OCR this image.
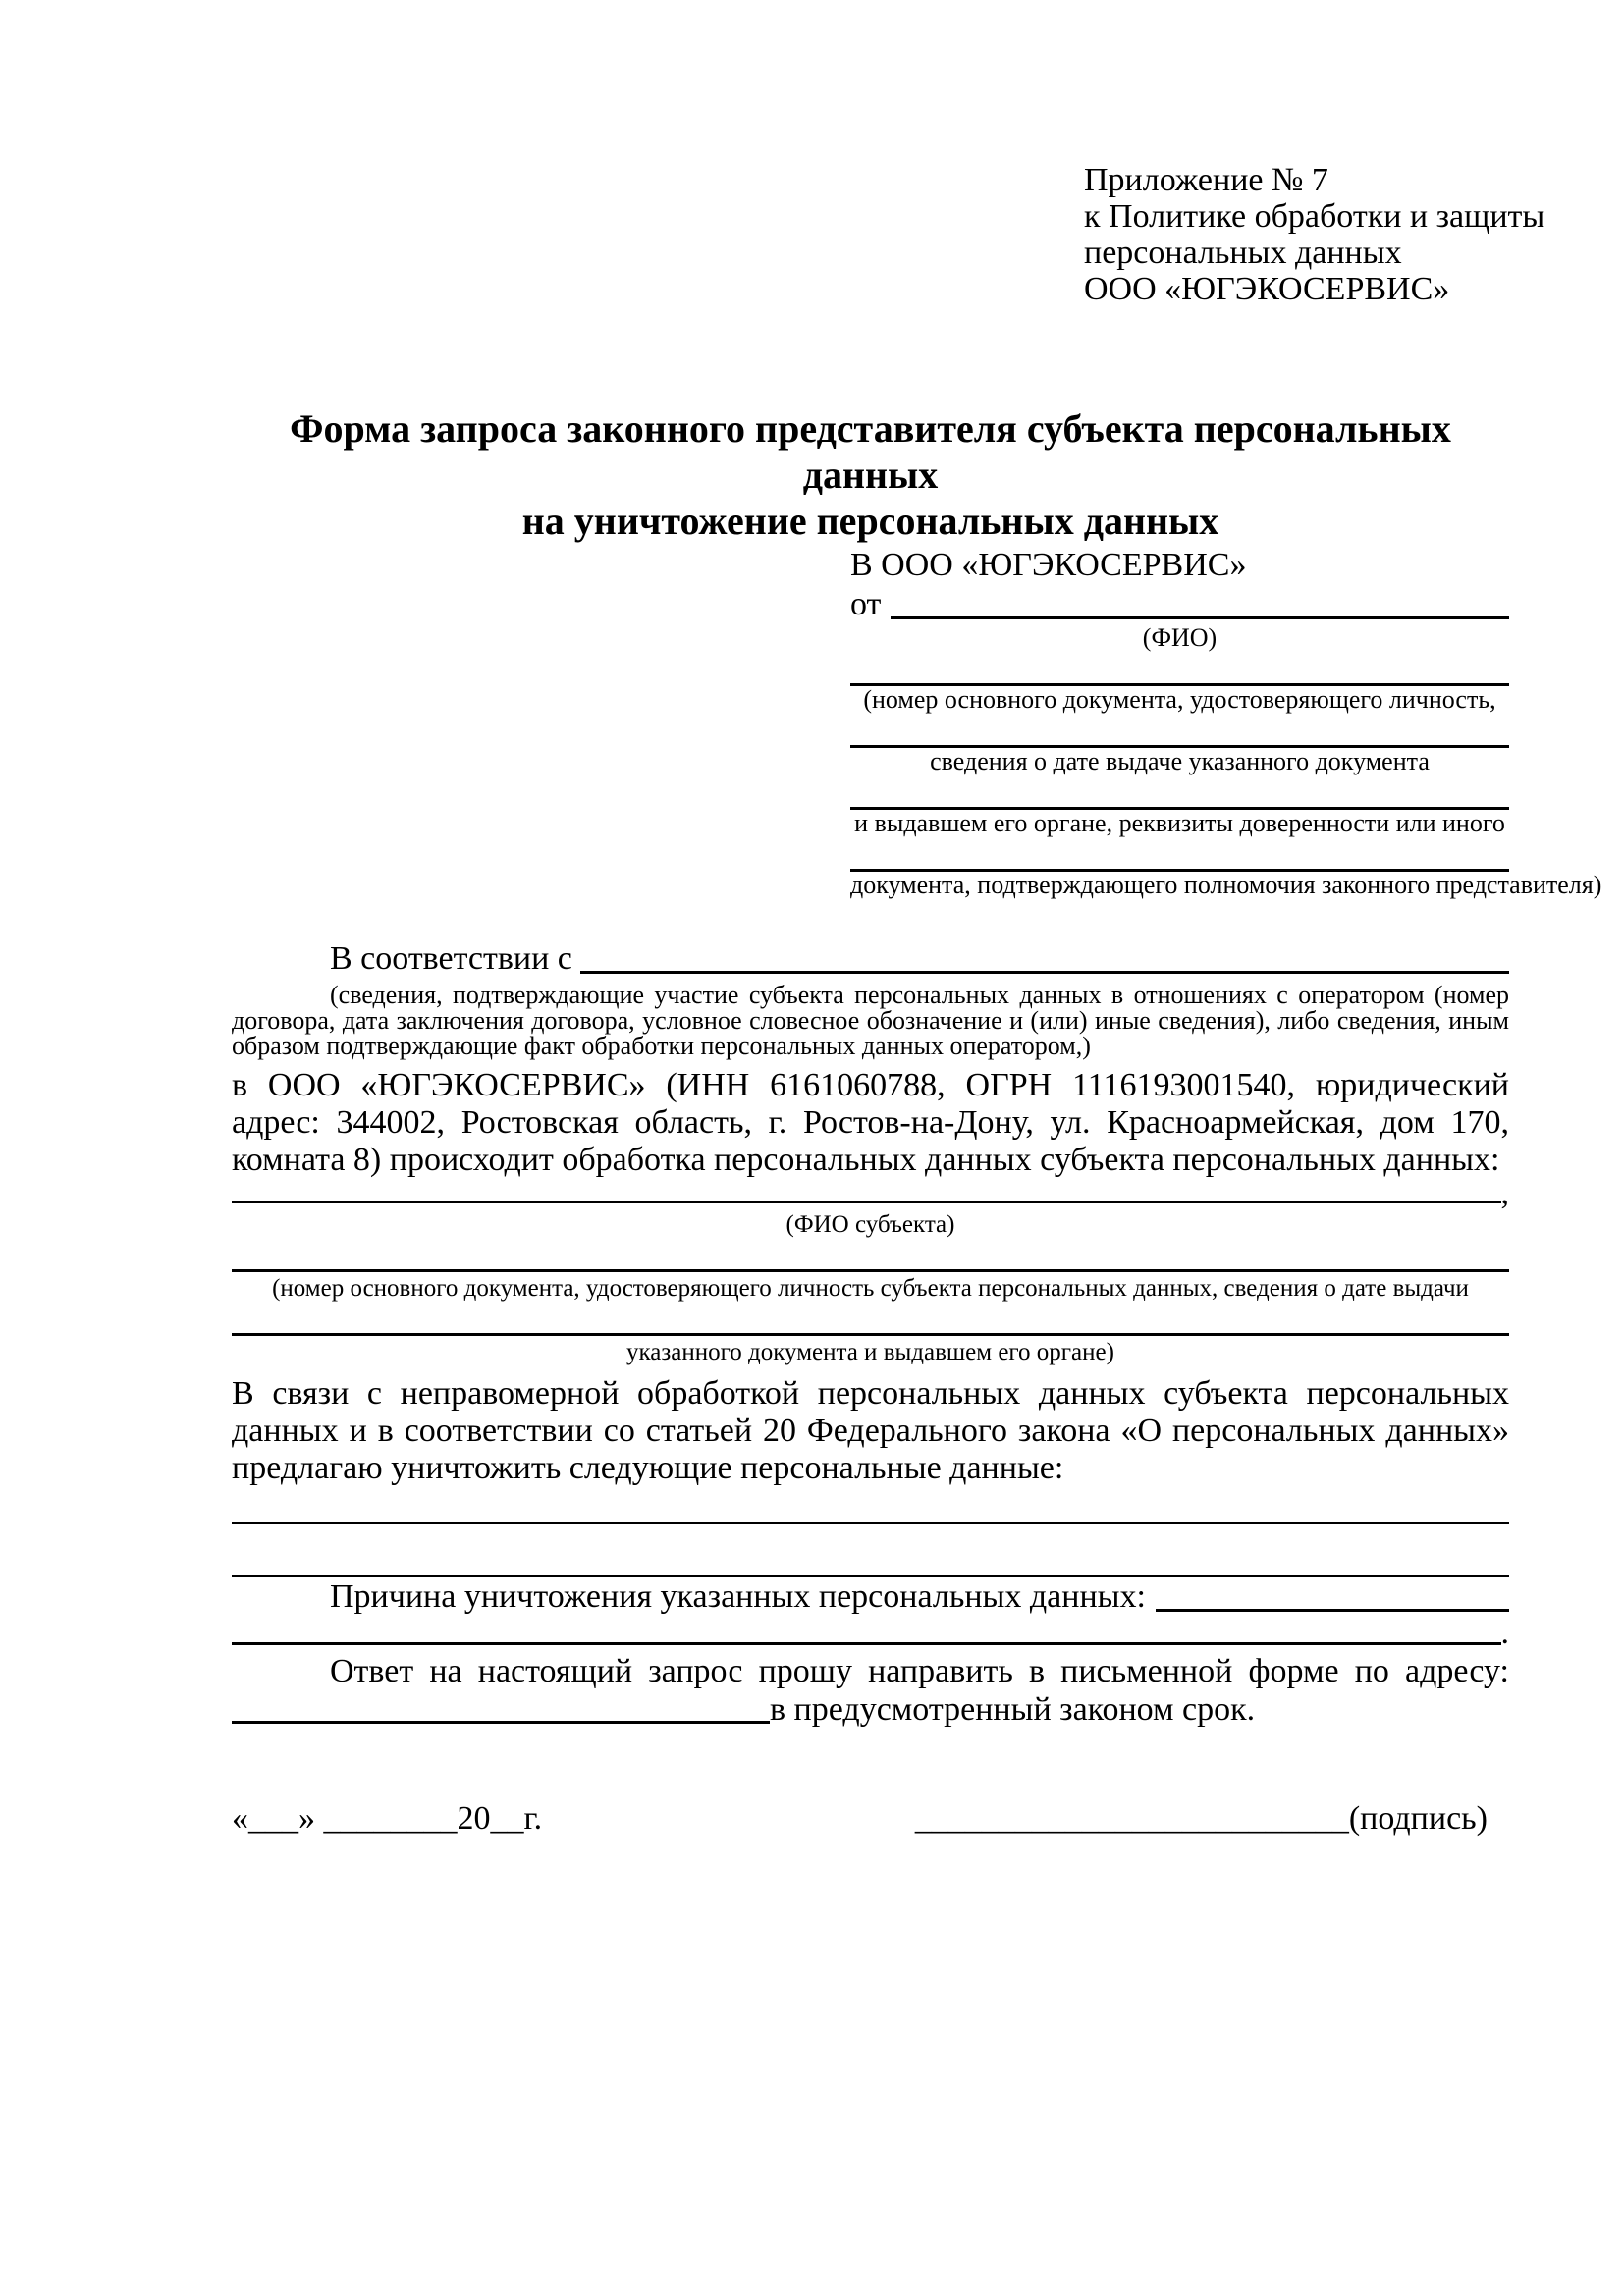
Приложение № 7
к Политике обработки и защиты
персональных данных
ООО «ЮГЭКОСЕРВИС»
Форма запроса законного представителя субъекта персональных данных
на уничтожение персональных данных
В ООО «ЮГЭКОСЕРВИС»
от
(ФИО)
(номер основного документа, удостоверяющего личность,
сведения о дате выдаче указанного документа
и выдавшем его органе, реквизиты доверенности или иного
документа, подтверждающего полномочия законного представителя)
В соответствии с
(сведения, подтверждающие участие субъекта персональных данных в отношениях с оператором (номер договора, дата заключения договора, условное словесное обозначение и (или) иные сведения), либо сведения, иным образом подтверждающие факт обработки персональных данных оператором,)
в ООО «ЮГЭКОСЕРВИС» (ИНН 6161060788, ОГРН 1116193001540, юридический адрес: 344002, Ростовская область, г. Ростов-на-Дону, ул. Красноармейская, дом 170, комната 8) происходит обработка персональных данных субъекта персональных данных:
,
(ФИО субъекта)
(номер основного документа, удостоверяющего личность субъекта персональных данных, сведения о дате выдачи
указанного документа и выдавшем его органе)
В связи с неправомерной обработкой персональных данных субъекта персональных данных и в соответствии со статьей 20 Федерального закона «О персональных данных» предлагаю уничтожить следующие персональные данные:
Причина уничтожения указанных персональных данных:
.
Ответ на настоящий запрос прошу направить в письменной форме по адресу:
в предусмотренный законом срок.
«___» ________20__г.	__________________________(подпись)
